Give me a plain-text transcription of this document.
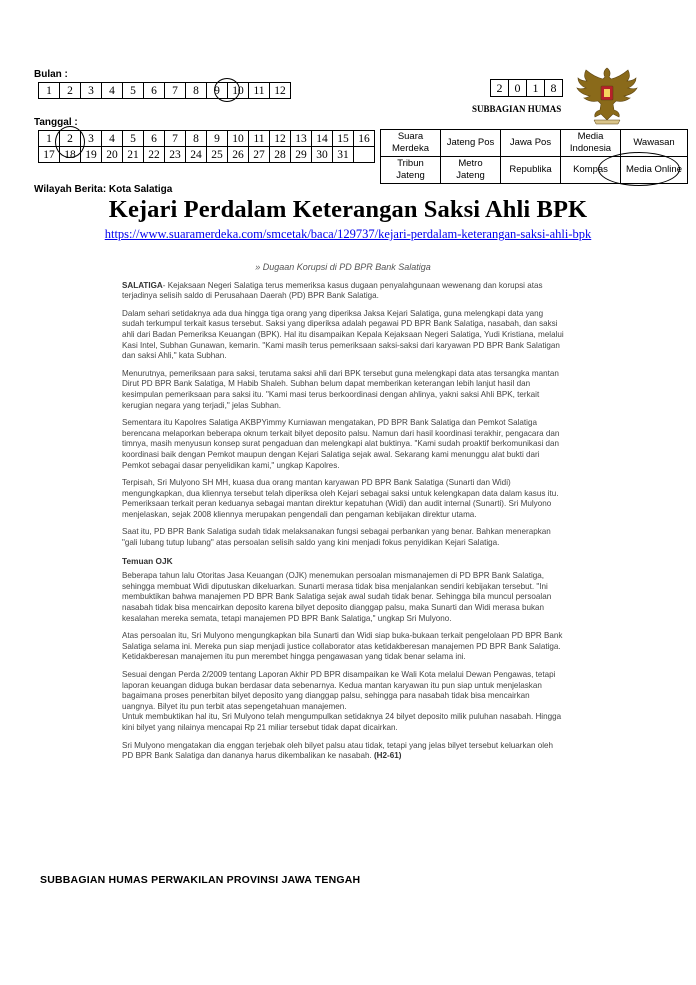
Bulan :
1	2	3	4	5	6	7	8	9	10	11	12
Tanggal :
1	2	3	4	5	6	7	8	9	10	11	12	13	14	15	16
17	18	19	20	21	22	23	24	25	26	27	28	29	30	31	
2	0	1	8
SUBBAGIAN HUMAS
Suara Merdeka	Jateng Pos	Jawa Pos	Media Indonesia	Wawasan
Tribun Jateng	Metro Jateng	Republika	Kompas	Media Online
Wilayah Berita: Kota Salatiga
Kejari Perdalam Keterangan Saksi Ahli BPK
https://www.suaramerdeka.com/smcetak/baca/129737/kejari-perdalam-keterangan-saksi-ahli-bpk
» Dugaan Korupsi di PD BPR Bank Salatiga

SALATIGA- Kejaksaan Negeri Salatiga terus memeriksa kasus dugaan penyalahgunaan wewenang dan korupsi atas terjadinya selisih saldo di Perusahaan Daerah (PD) BPR Bank Salatiga.

Dalam sehari setidaknya ada dua hingga tiga orang yang diperiksa Jaksa Kejari Salatiga, guna melengkapi data yang sudah terkumpul terkait kasus tersebut. Saksi yang diperiksa adalah pegawai PD BPR Bank Salatiga, nasabah, dan saksi ahli dari Badan Pemeriksa Keuangan (BPK). Hal itu disampaikan Kepala Kejaksaan Negeri Salatiga, Yudi Kristiana, melalui Kasi Intel, Subhan Gunawan, kemarin. "Kami masih terus pemeriksaan saksi-saksi dari karyawan PD BPR Bank Salatigan dan saksi Ahli," kata Subhan.

Menurutnya, pemeriksaan para saksi, terutama saksi ahli dari BPK tersebut guna melengkapi data atas tersangka mantan Dirut PD BPR Bank Salatiga, M Habib Shaleh. Subhan belum dapat memberikan keterangan lebih lanjut hasil dan kesimpulan pemeriksaan para saksi itu. "Kami masi terus berkoordinasi dengan ahlinya, yakni saksi Ahli BPK, terkait kerugian negara yang terjadi," jelas Subhan.

Sementara itu Kapolres Salatiga AKBPYimmy Kurniawan mengatakan, PD BPR Bank Salatiga dan Pemkot Salatiga berencana melaporkan beberapa oknum terkait bilyet deposito palsu. Namun dari hasil koordinasi terakhir, pengacara dan timnya, masih menyusun konsep surat pengaduan dan melengkapi alat buktinya. "Kami sudah proaktif berkomunikasi dan koordinasi baik dengan Pemkot maupun dengan Kejari Salatiga sejak awal. Sekarang kami menunggu alat bukti dari Pemkot sebagai dasar penyelidikan kami," ungkap Kapolres.

Terpisah, Sri Mulyono SH MH, kuasa dua orang mantan karyawan PD BPR Bank Salatiga (Sunarti dan Widi) mengungkapkan, dua kliennya tersebut telah diperiksa oleh Kejari sebagai saksi untuk kelengkapan data dalam kasus itu. Pemeriksaan terkait peran keduanya sebagai mantan direktur kepatuhan (Widi) dan audit internal (Sunarti). Sri Mulyono menjelaskan, sejak 2008 kliennya merupakan pengendali dan pengaman kebijakan direktur utama.

Saat itu, PD BPR Bank Salatiga sudah tidak melaksanakan fungsi sebagai perbankan yang benar. Bahkan menerapkan "gali lubang tutup lubang" atas persoalan selisih saldo yang kini menjadi fokus penyidikan Kejari Salatiga.

Temuan OJK

Beberapa tahun lalu Otoritas Jasa Keuangan (OJK) menemukan persoalan mismanajemen di PD BPR Bank Salatiga, sehingga membuat Widi diputuskan dikeluarkan. Sunarti merasa tidak bisa menjalankan sendiri kebijakan tersebut. "Ini membuktikan bahwa manajemen PD BPR Bank Salatiga sejak awal sudah tidak benar. Sehingga bila muncul persoalan nasabah tidak bisa mencairkan deposito karena bilyet deposito dianggap palsu, maka Sunarti dan Widi merasa bukan kesalahan mereka semata, tetapi manajemen PD BPR Bank Salatiga," ungkap Sri Mulyono.

Atas persoalan itu, Sri Mulyono mengungkapkan bila Sunarti dan Widi siap buka-bukaan terkait pengelolaan PD BPR Bank Salatiga selama ini. Mereka pun siap menjadi justice collaborator atas ketidakberesan manajemen PD BPR Bank Salatiga. Ketidakberesan manajemen itu pun merembet hingga pengawasan yang tidak benar selama ini.

Sesuai dengan Perda 2/2009 tentang Laporan Akhir PD BPR disampaikan ke Wali Kota melalui Dewan Pengawas, tetapi laporan keuangan diduga bukan berdasar data sebenarnya. Kedua mantan karyawan itu pun siap untuk menjelaskan bagaimana proses penerbitan bilyet deposito yang dianggap palsu, sehingga para nasabah tidak bisa mencairkan uangnya. Bilyet itu pun terbit atas sepengetahuan manajemen.

Untuk membuktikan hal itu, Sri Mulyono telah mengumpulkan setidaknya 24 bilyet deposito milik puluhan nasabah. Hingga kini bilyet yang nilainya mencapai Rp 21 miliar tersebut tidak dapat dicairkan.

Sri Mulyono mengatakan dia enggan terjebak oleh bilyet palsu atau tidak, tetapi yang jelas bilyet tersebut keluarkan oleh PD BPR Bank Salatiga dan dananya harus dikembalikan ke nasabah. (H2-61)

SUBBAGIAN HUMAS PERWAKILAN PROVINSI JAWA TENGAH
